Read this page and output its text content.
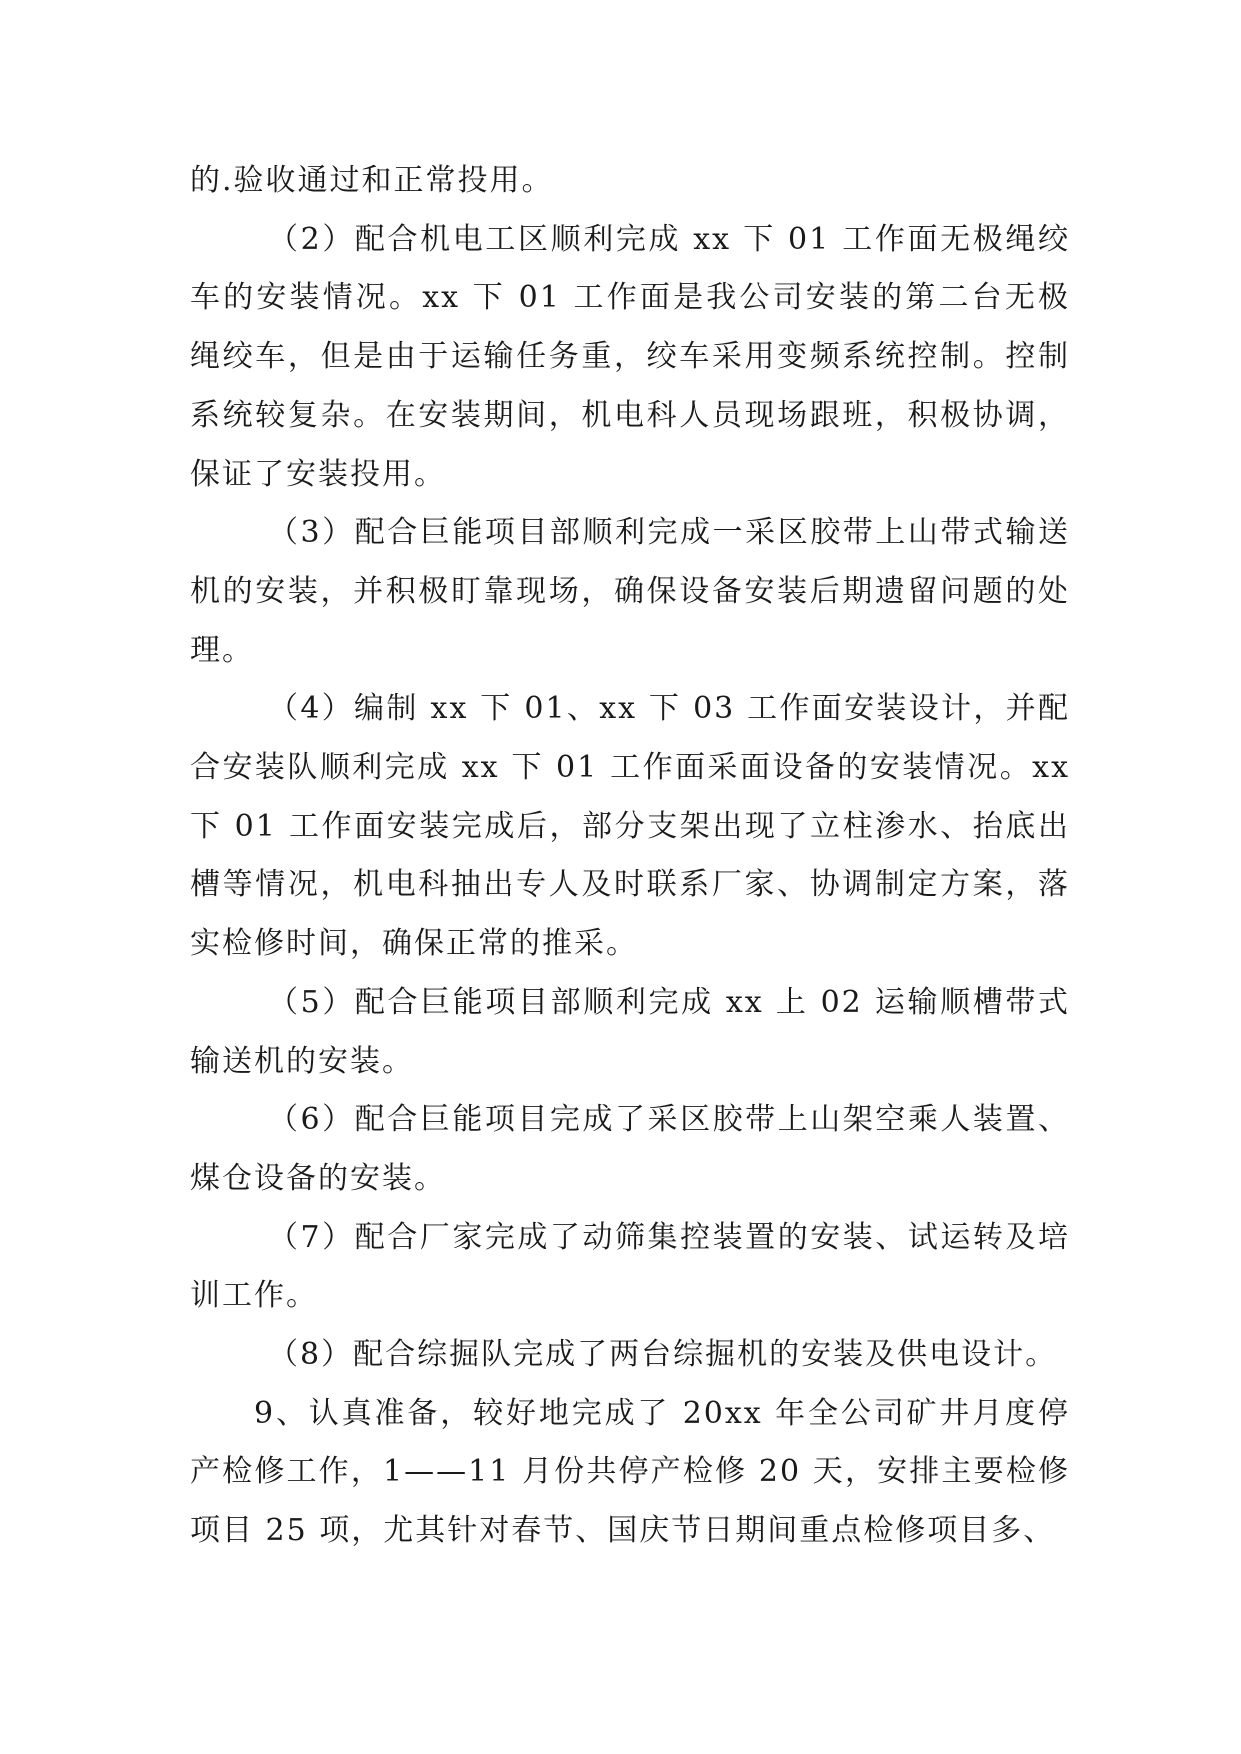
的.验收通过和正常投用。

（2）配合机电工区顺利完成 xx 下 01 工作面无极绳绞车的安装情况。xx 下 01 工作面是我公司安装的第二台无极绳绞车，但是由于运输任务重，绞车采用变频系统控制。控制系统较复杂。在安装期间，机电科人员现场跟班，积极协调，保证了安装投用。

（3）配合巨能项目部顺利完成一采区胶带上山带式输送机的安装，并积极盯靠现场，确保设备安装后期遗留问题的处理。

（4）编制 xx 下 01、xx 下 03 工作面安装设计，并配合安装队顺利完成 xx 下 01 工作面采面设备的安装情况。xx 下 01 工作面安装完成后，部分支架出现了立柱渗水、抬底出槽等情况，机电科抽出专人及时联系厂家、协调制定方案，落实检修时间，确保正常的推采。

（5）配合巨能项目部顺利完成 xx 上 02 运输顺槽带式输送机的安装。

（6）配合巨能项目完成了采区胶带上山架空乘人装置、煤仓设备的安装。

（7）配合厂家完成了动筛集控装置的安装、试运转及培训工作。

（8）配合综掘队完成了两台综掘机的安装及供电设计。

9、认真准备，较好地完成了 20xx 年全公司矿井月度停产检修工作，1——11 月份共停产检修 20 天，安排主要检修项目 25 项，尤其针对春节、国庆节日期间重点检修项目多、
